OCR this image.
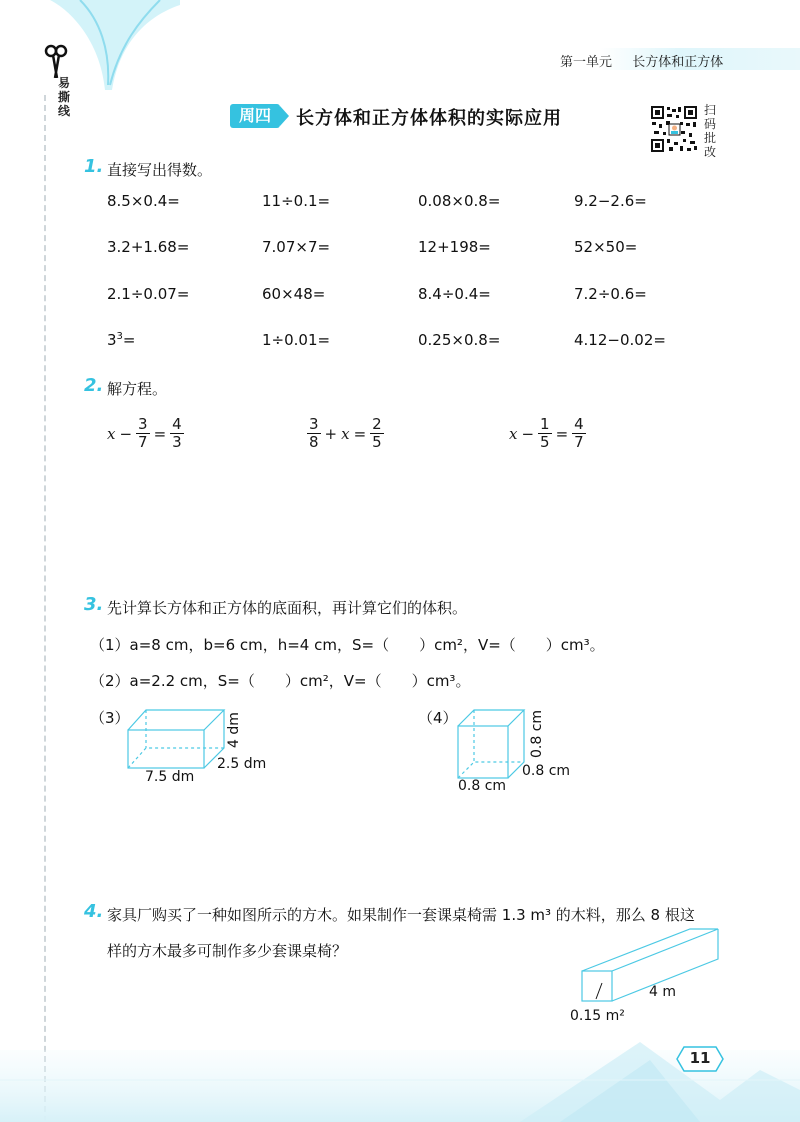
易
撕
线
第一单元 长方体和正方体
周四	长方体和正方体体积的实际应用	扫
码
批
改
1. 直接写出得数。
8.5×0.4=	11÷0.1=	0.08×0.8=	9.2−2.6=
3.2+1.68=	7.07×7=	12+198=	52×50=
2.1÷0.07=	60×48=	8.4÷0.4=	7.2÷0.6=
$3^3=$	1÷0.01=	0.25×0.8=	4.12−0.02=
2. 解方程。
$x - \frac{3}{7} = \frac{4}{3}$	$\frac{3}{8} + x = \frac{2}{5}$	$x - \frac{1}{5} = \frac{4}{7}$
3. 先计算长方体和正方体的底面积，再计算它们的体积。
（1）a=8 cm，b=6 cm，h=4 cm，S=（　　）cm²，V=（　　）cm³。
（2）a=2.2 cm，S=（　　）cm²，V=（　　）cm³。
（3）	4 dm
2.5 dm
7.5 dm
（4）	0.8 cm
0.8 cm
0.8 cm
4. 家具厂购买了一种如图所示的方木。如果制作一套课桌椅需 1.3 m³ 的木料，那么 8 根这
样的方木最多可制作多少套课桌椅？
4 m
0.15 m²
11
